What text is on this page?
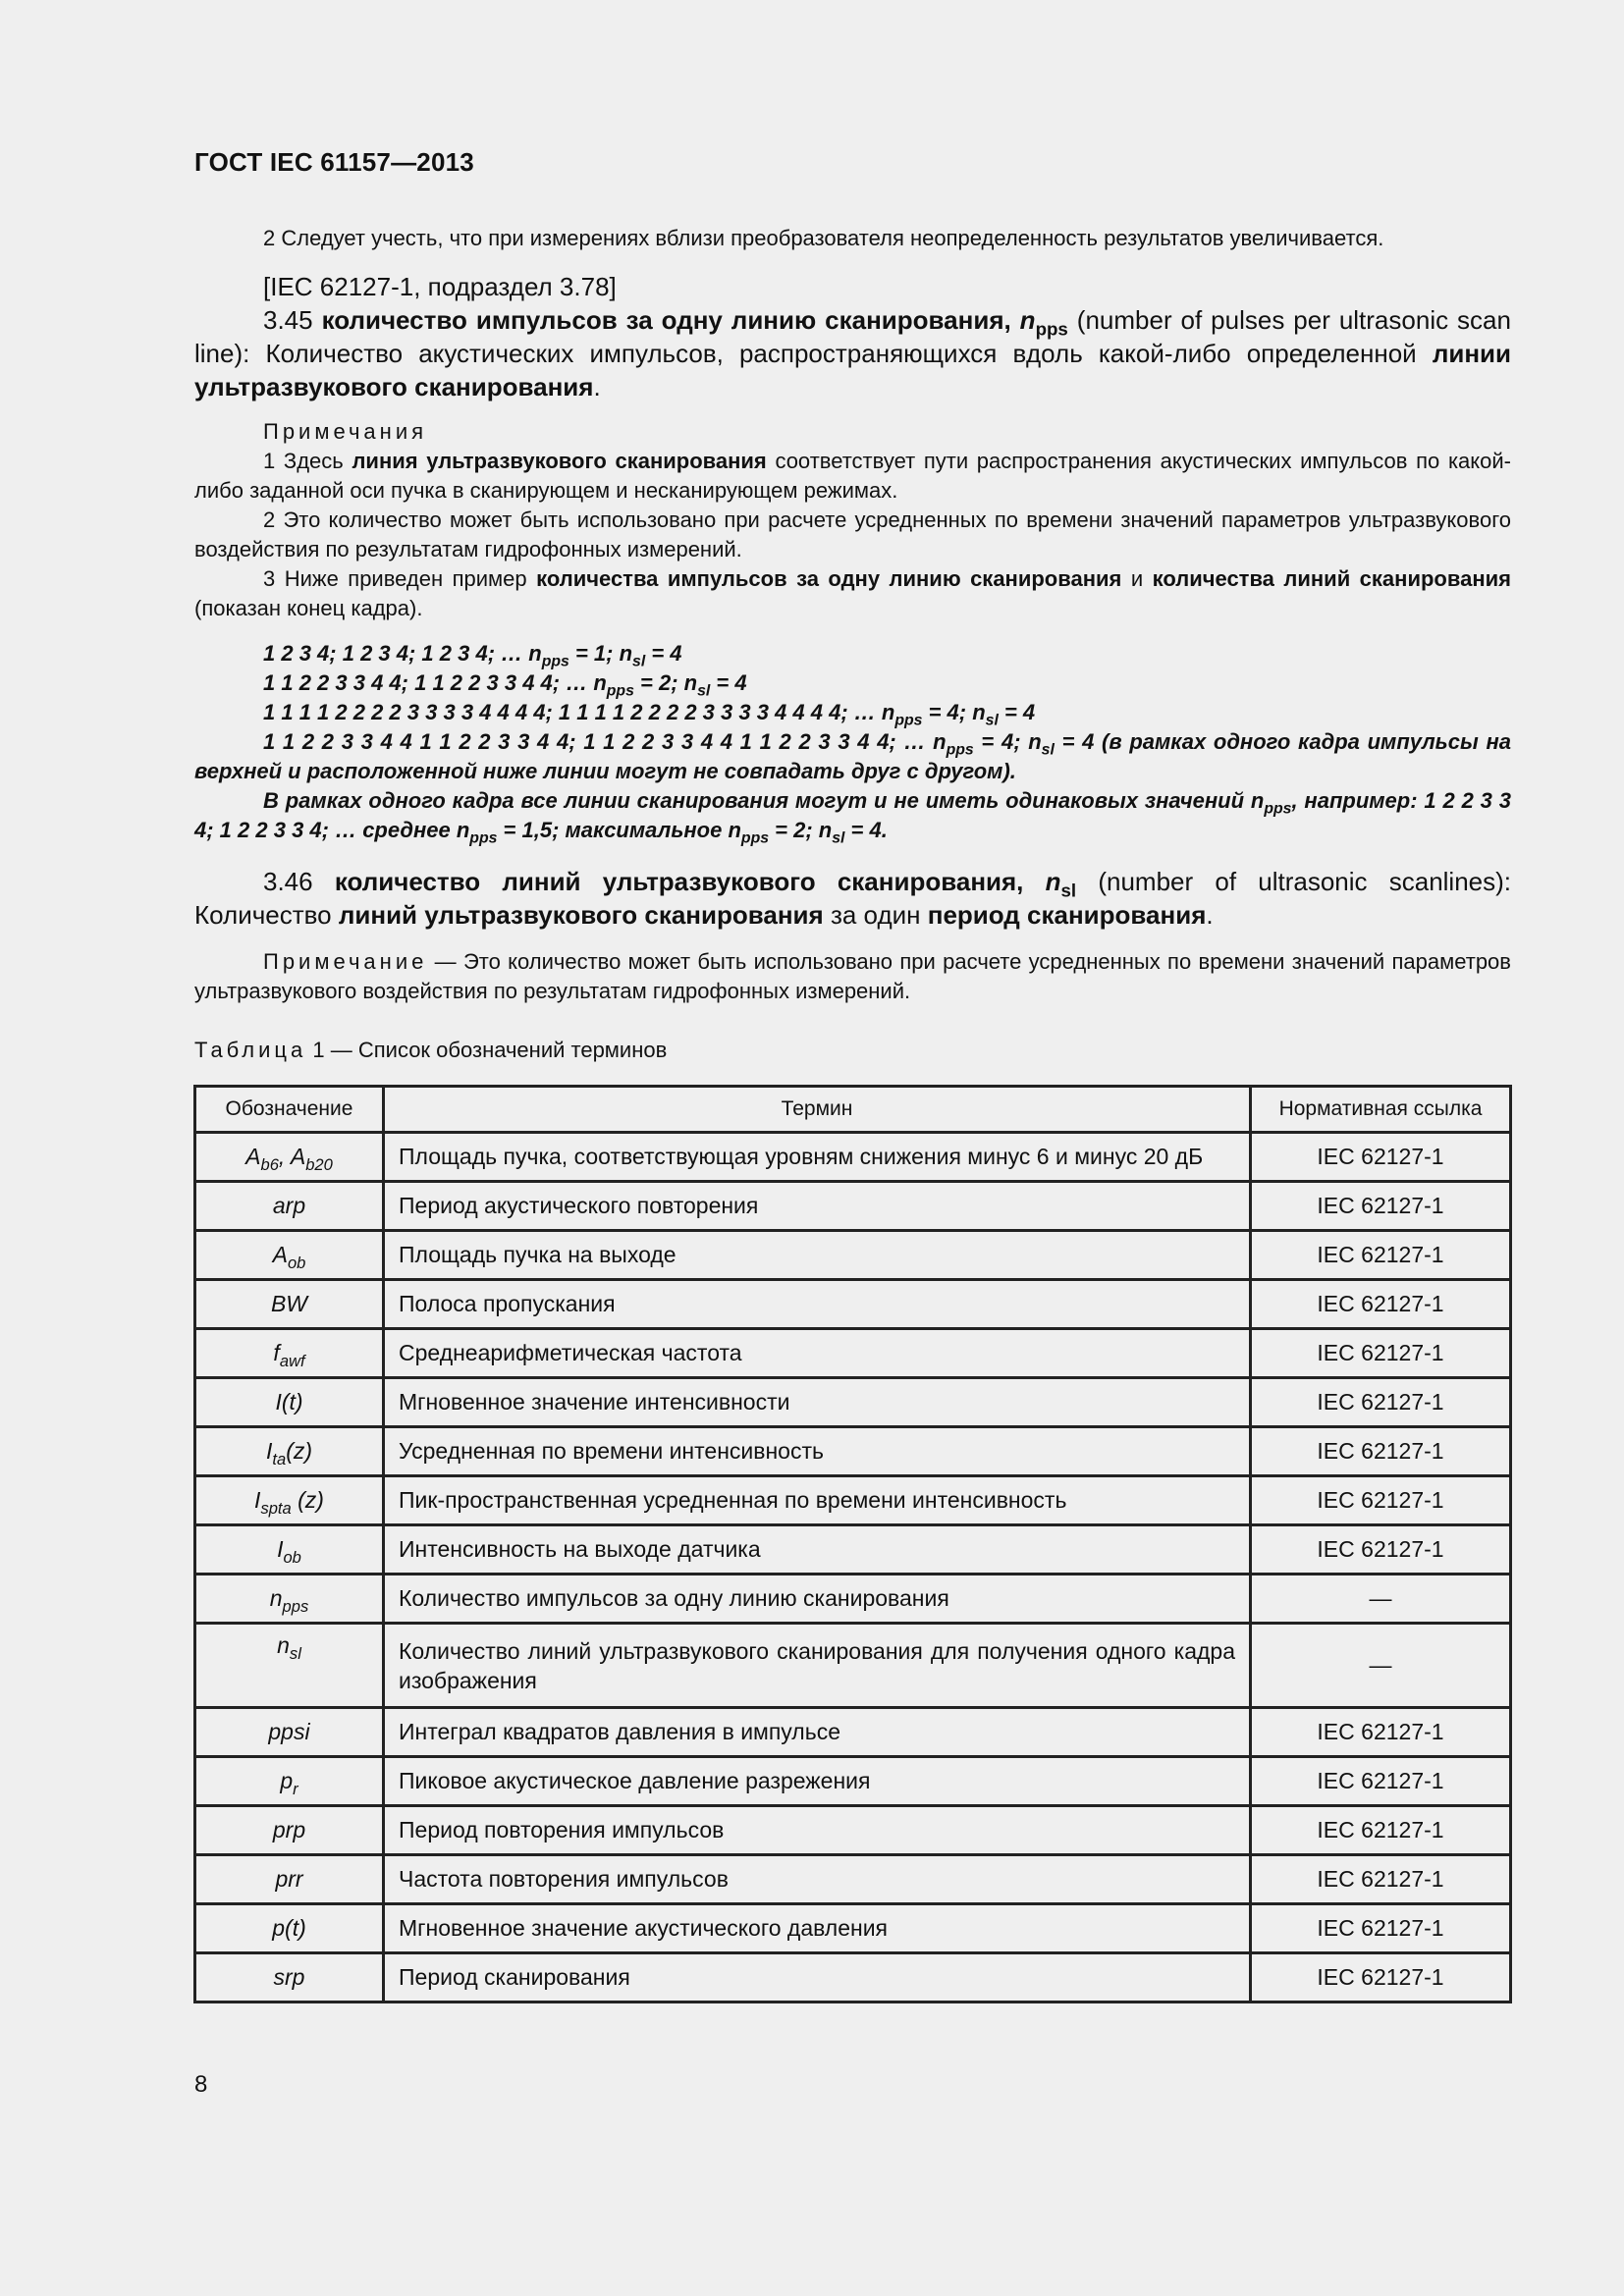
ГОСТ IEC 61157—2013

2 Следует учесть, что при измерениях вблизи преобразователя неопределенность результатов увеличивается.

[IEC 62127-1, подраздел 3.78]

3.45 количество импульсов за одну линию сканирования, $n_{pps}$ (number of pulses per ultrasonic scan line): Количество акустических импульсов, распространяющихся вдоль какой-либо определенной линии ультразвукового сканирования.

Примечания

1 Здесь линия ультразвукового сканирования соответствует пути распространения акустических импульсов по какой-либо заданной оси пучка в сканирующем и несканирующем режимах.

2 Это количество может быть использовано при расчете усредненных по времени значений параметров ультразвукового воздействия по результатам гидрофонных измерений.

3 Ниже приведен пример количества импульсов за одну линию сканирования и количества линий сканирования (показан конец кадра).

1 2 3 4; 1 2 3 4; 1 2 3 4; … $n_{pps} = 1$; $n_{sl} = 4$

1 1 2 2 3 3 4 4; 1 1 2 2 3 3 4 4; … $n_{pps} = 2$; $n_{sl} = 4$

1 1 1 1 2 2 2 2 3 3 3 3 4 4 4 4; 1 1 1 1 2 2 2 2 3 3 3 3 4 4 4 4; … $n_{pps} = 4$; $n_{sl} = 4$

1 1 2 2 3 3 4 4 1 1 2 2 3 3 4 4; 1 1 2 2 3 3 4 4 1 1 2 2 3 3 4 4; … $n_{pps} = 4$; $n_{sl} = 4$ (в рамках одного кадра импульсы на верхней и расположенной ниже линии могут не совпадать друг с другом).

В рамках одного кадра все линии сканирования могут и не иметь одинаковых значений $n_{pps}$, например: 1 2 2 3 3 4; 1 2 2 3 3 4; … среднее $n_{pps} = 1,5$; максимальное $n_{pps} = 2$; $n_{sl} = 4$.

3.46 количество линий ультразвукового сканирования, $n_{sl}$ (number of ultrasonic scanlines): Количество линий ультразвукового сканирования за один период сканирования.

Примечание — Это количество может быть использовано при расчете усредненных по времени значений параметров ультразвукового воздействия по результатам гидрофонных измерений.

Таблица 1 — Список обозначений терминов

Обозначение	Термин	Нормативная ссылка
$A_{b6}$, $A_{b20}$	Площадь пучка, соответствующая уровням снижения минус 6 и минус 20 дБ	IEC 62127-1
arp	Период акустического повторения	IEC 62127-1
$A_{ob}$	Площадь пучка на выходе	IEC 62127-1
BW	Полоса пропускания	IEC 62127-1
$f_{awf}$	Среднеарифметическая частота	IEC 62127-1
I(t)	Мгновенное значение интенсивности	IEC 62127-1
$I_{ta}(z)$	Усредненная по времени интенсивность	IEC 62127-1
$I_{spta}$ (z)	Пик-пространственная усредненная по времени интенсивность	IEC 62127-1
$I_{ob}$	Интенсивность на выходе датчика	IEC 62127-1
$n_{pps}$	Количество импульсов за одну линию сканирования	—
$n_{sl}$	Количество линий ультразвукового сканирования для получения одного кадра изображения	—
ppsi	Интеграл квадратов давления в импульсе	IEC 62127-1
$p_r$	Пиковое акустическое давление разрежения	IEC 62127-1
prp	Период повторения импульсов	IEC 62127-1
prr	Частота повторения импульсов	IEC 62127-1
p(t)	Мгновенное значение акустического давления	IEC 62127-1
srp	Период сканирования	IEC 62127-1
8
